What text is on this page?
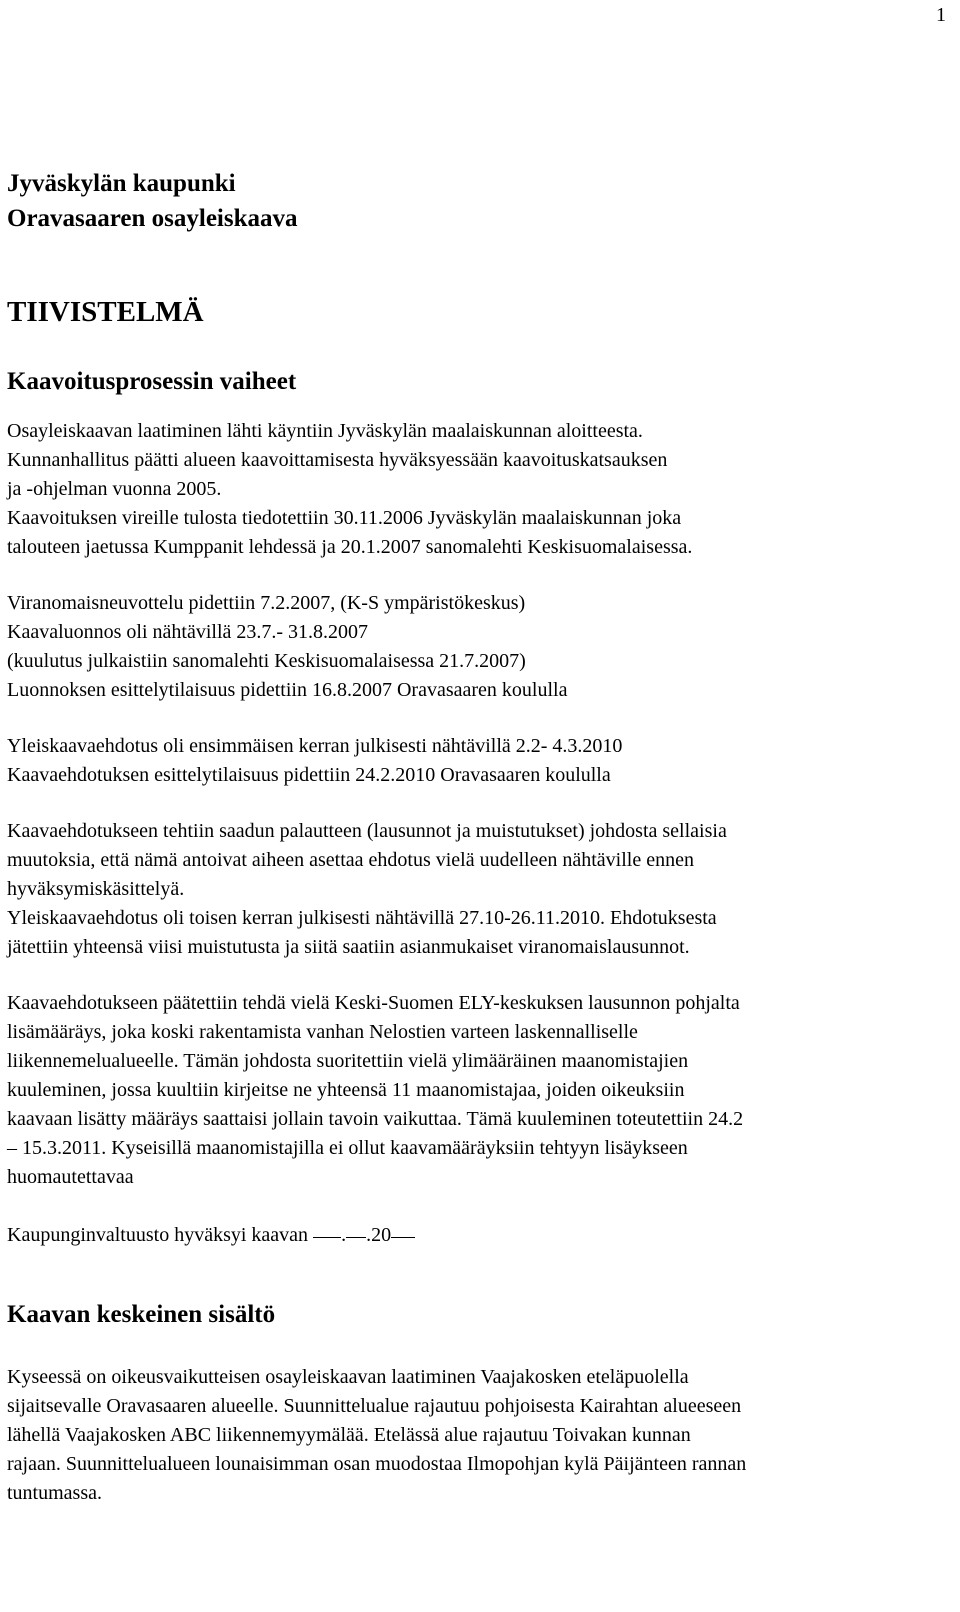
1

Jyväskylän kaupunki

Oravasaaren osayleiskaava

TIIVISTELMÄ
Kaavoitusprosessin vaiheet

Osayleiskaavan laatiminen lähti käyntiin Jyväskylän maalaiskunnan aloitteesta.

Kunnanhallitus päätti alueen kaavoittamisesta hyväksyessään kaavoituskatsauksen

ja -ohjelman vuonna 2005.

Kaavoituksen vireille tulosta tiedotettiin 30.11.2006 Jyväskylän maalaiskunnan joka

talouteen jaetussa Kumppanit lehdessä ja 20.1.2007 sanomalehti Keskisuomalaisessa.

Viranomaisneuvottelu pidettiin 7.2.2007, (K-S ympäristökeskus)

Kaavaluonnos oli nähtävillä 23.7.- 31.8.2007

(kuulutus julkaistiin sanomalehti Keskisuomalaisessa 21.7.2007)

Luonnoksen esittelytilaisuus pidettiin 16.8.2007 Oravasaaren koululla

Yleiskaavaehdotus oli ensimmäisen kerran julkisesti nähtävillä 2.2- 4.3.2010

Kaavaehdotuksen esittelytilaisuus pidettiin 24.2.2010 Oravasaaren koululla

Kaavaehdotukseen tehtiin saadun palautteen (lausunnot ja muistutukset) johdosta sellaisia

muutoksia, että nämä antoivat aiheen asettaa ehdotus vielä uudelleen nähtäville ennen

hyväksymiskäsittelyä.

Yleiskaavaehdotus oli toisen kerran julkisesti nähtävillä 27.10-26.11.2010. Ehdotuksesta

jätettiin yhteensä viisi muistutusta ja siitä saatiin asianmukaiset viranomaislausunnot.

Kaavaehdotukseen päätettiin tehdä vielä Keski-Suomen ELY-keskuksen lausunnon pohjalta

lisämääräys, joka koski rakentamista vanhan Nelostien varteen laskennalliselle

liikennemelualueelle. Tämän johdosta suoritettiin vielä ylimääräinen maanomistajien

kuuleminen, jossa kuultiin kirjeitse ne yhteensä 11 maanomistajaa, joiden oikeuksiin

kaavaan lisätty määräys saattaisi jollain tavoin vaikuttaa. Tämä kuuleminen toteutettiin 24.2

– 15.3.2011. Kyseisillä maanomistajilla ei ollut kaavamääräyksiin tehtyyn lisäykseen

huomautettavaa

Kaupunginvaltuusto hyväksyi kaavan . .20

Kaavan keskeinen sisältö

Kyseessä on oikeusvaikutteisen osayleiskaavan laatiminen Vaajakosken eteläpuolella

sijaitsevalle Oravasaaren alueelle. Suunnittelualue rajautuu pohjoisesta Kairahtan alueeseen

lähellä Vaajakosken ABC liikennemyymälää. Etelässä alue rajautuu Toivakan kunnan

rajaan. Suunnittelualueen lounaisimman osan muodostaa Ilmopohjan kylä Päijänteen rannan

tuntumassa.
